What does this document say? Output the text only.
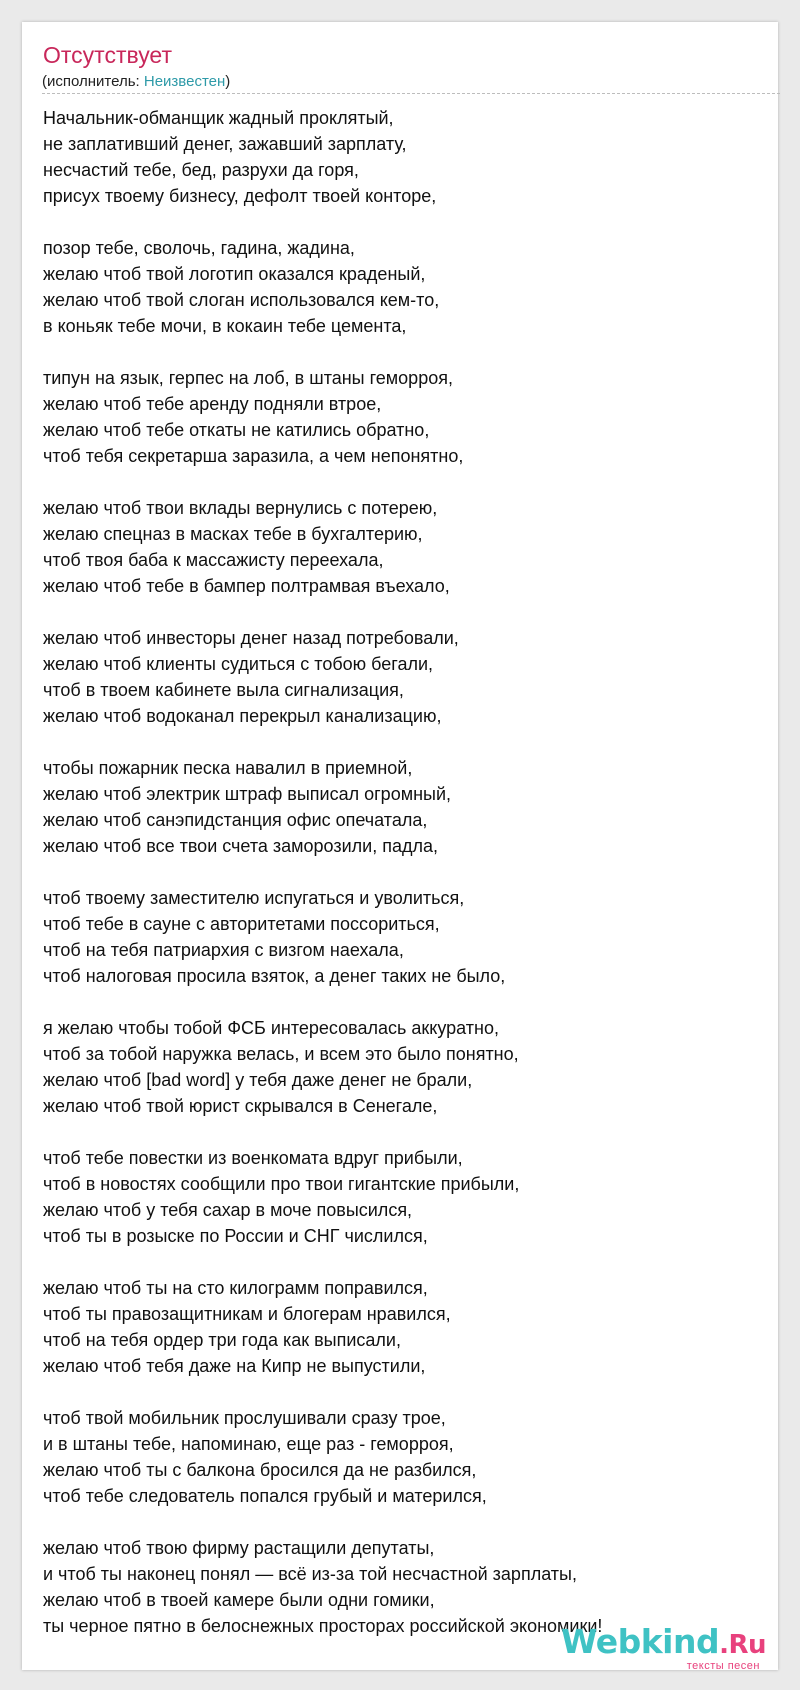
Отсутствует
(исполнитель: Неизвестен)
Начальник-обманщик жадный проклятый,
не заплативший денег, зажавший зарплату,
несчастий тебе, бед, разрухи да горя,
присух твоему бизнесу, дефолт твоей конторе,
позор тебе, сволочь, гадина, жадина,
желаю чтоб твой логотип оказался краденый,
желаю чтоб твой слоган использовался кем-то,
в коньяк тебе мочи, в кокаин тебе цемента,
типун на язык, герпес на лоб, в штаны геморроя,
желаю чтоб тебе аренду подняли втрое,
желаю чтоб тебе откаты не катились обратно,
чтоб тебя секретарша заразила, а чем непонятно,
желаю чтоб твои вклады вернулись с потерею,
желаю спецназ в масках тебе в бухгалтерию,
чтоб твоя баба к массажисту переехала,
желаю чтоб тебе в бампер полтрамвая въехало,
желаю чтоб инвесторы денег назад потребовали,
желаю чтоб клиенты судиться с тобою бегали,
чтоб в твоем кабинете выла сигнализация,
желаю чтоб водоканал перекрыл канализацию,
чтобы пожарник песка навалил в приемной,
желаю чтоб электрик штраф выписал огромный,
желаю чтоб санэпидстанция офис опечатала,
желаю чтоб все твои счета заморозили, падла,
чтоб твоему заместителю испугаться и уволиться,
чтоб тебе в сауне с авторитетами поссориться,
чтоб на тебя патриархия с визгом наехала,
чтоб налоговая просила взяток, а денег таких не было,
я желаю чтобы тобой ФСБ интересовалась аккуратно,
чтоб за тобой наружка велась, и всем это было понятно,
желаю чтоб [bad word] у тебя даже денег не брали,
желаю чтоб твой юрист скрывался в Сенегале,
чтоб тебе повестки из военкомата вдруг прибыли,
чтоб в новостях сообщили про твои гигантские прибыли,
желаю чтоб у тебя сахар в моче повысился,
чтоб ты в розыске по России и СНГ числился,
желаю чтоб ты на сто килограмм поправился,
чтоб ты правозащитникам и блогерам нравился,
чтоб на тебя ордер три года как выписали,
желаю чтоб тебя даже на Кипр не выпустили,
чтоб твой мобильник прослушивали сразу трое,
и в штаны тебе, напоминаю, еще раз - геморроя,
желаю чтоб ты с балкона бросился да не разбился,
чтоб тебе следователь попался грубый и матерился,
желаю чтоб твою фирму растащили депутаты,
и чтоб ты наконец понял — всё из-за той несчастной зарплаты,
желаю чтоб в твоей камере были одни гомики,
ты черное пятно в белоснежных просторах российской экономики!
Webkind.Ru
тексты песен
